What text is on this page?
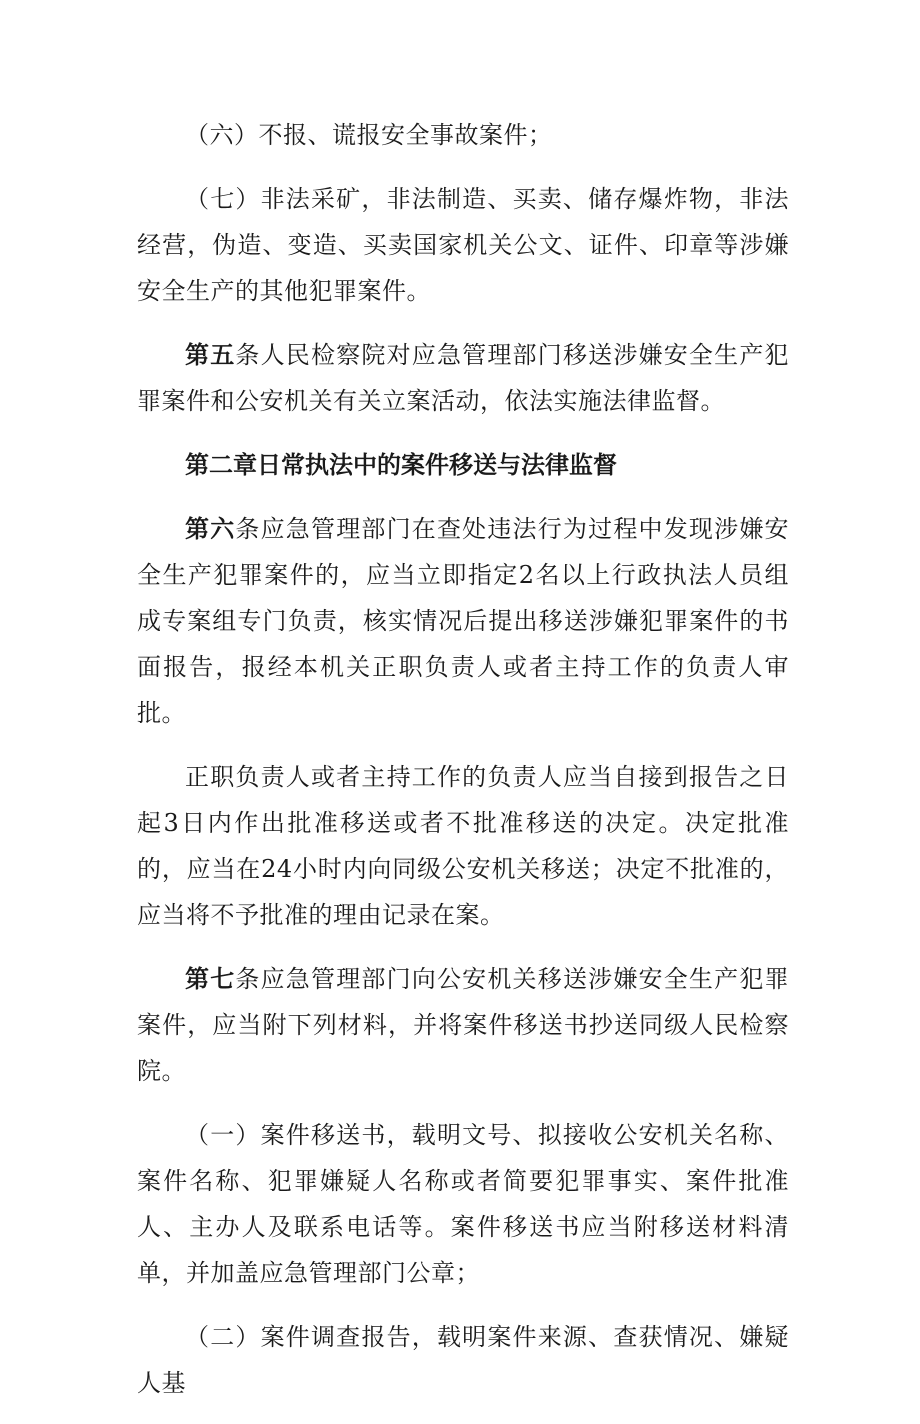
（六）不报、谎报安全事故案件；

（七）非法采矿，非法制造、买卖、储存爆炸物，非法经营，伪造、变造、买卖国家机关公文、证件、印章等涉嫌安全生产的其他犯罪案件。

第五条人民检察院对应急管理部门移送涉嫌安全生产犯罪案件和公安机关有关立案活动，依法实施法律监督。

第二章日常执法中的案件移送与法律监督

第六条应急管理部门在查处违法行为过程中发现涉嫌安全生产犯罪案件的，应当立即指定2名以上行政执法人员组成专案组专门负责，核实情况后提出移送涉嫌犯罪案件的书面报告，报经本机关正职负责人或者主持工作的负责人审批。

正职负责人或者主持工作的负责人应当自接到报告之日起3日内作出批准移送或者不批准移送的决定。决定批准的，应当在24小时内向同级公安机关移送；决定不批准的，应当将不予批准的理由记录在案。

第七条应急管理部门向公安机关移送涉嫌安全生产犯罪案件，应当附下列材料，并将案件移送书抄送同级人民检察院。

（一）案件移送书，载明文号、拟接收公安机关名称、案件名称、犯罪嫌疑人名称或者简要犯罪事实、案件批准人、主办人及联系电话等。案件移送书应当附移送材料清单，并加盖应急管理部门公章；

（二）案件调查报告，载明案件来源、查获情况、嫌疑人基
